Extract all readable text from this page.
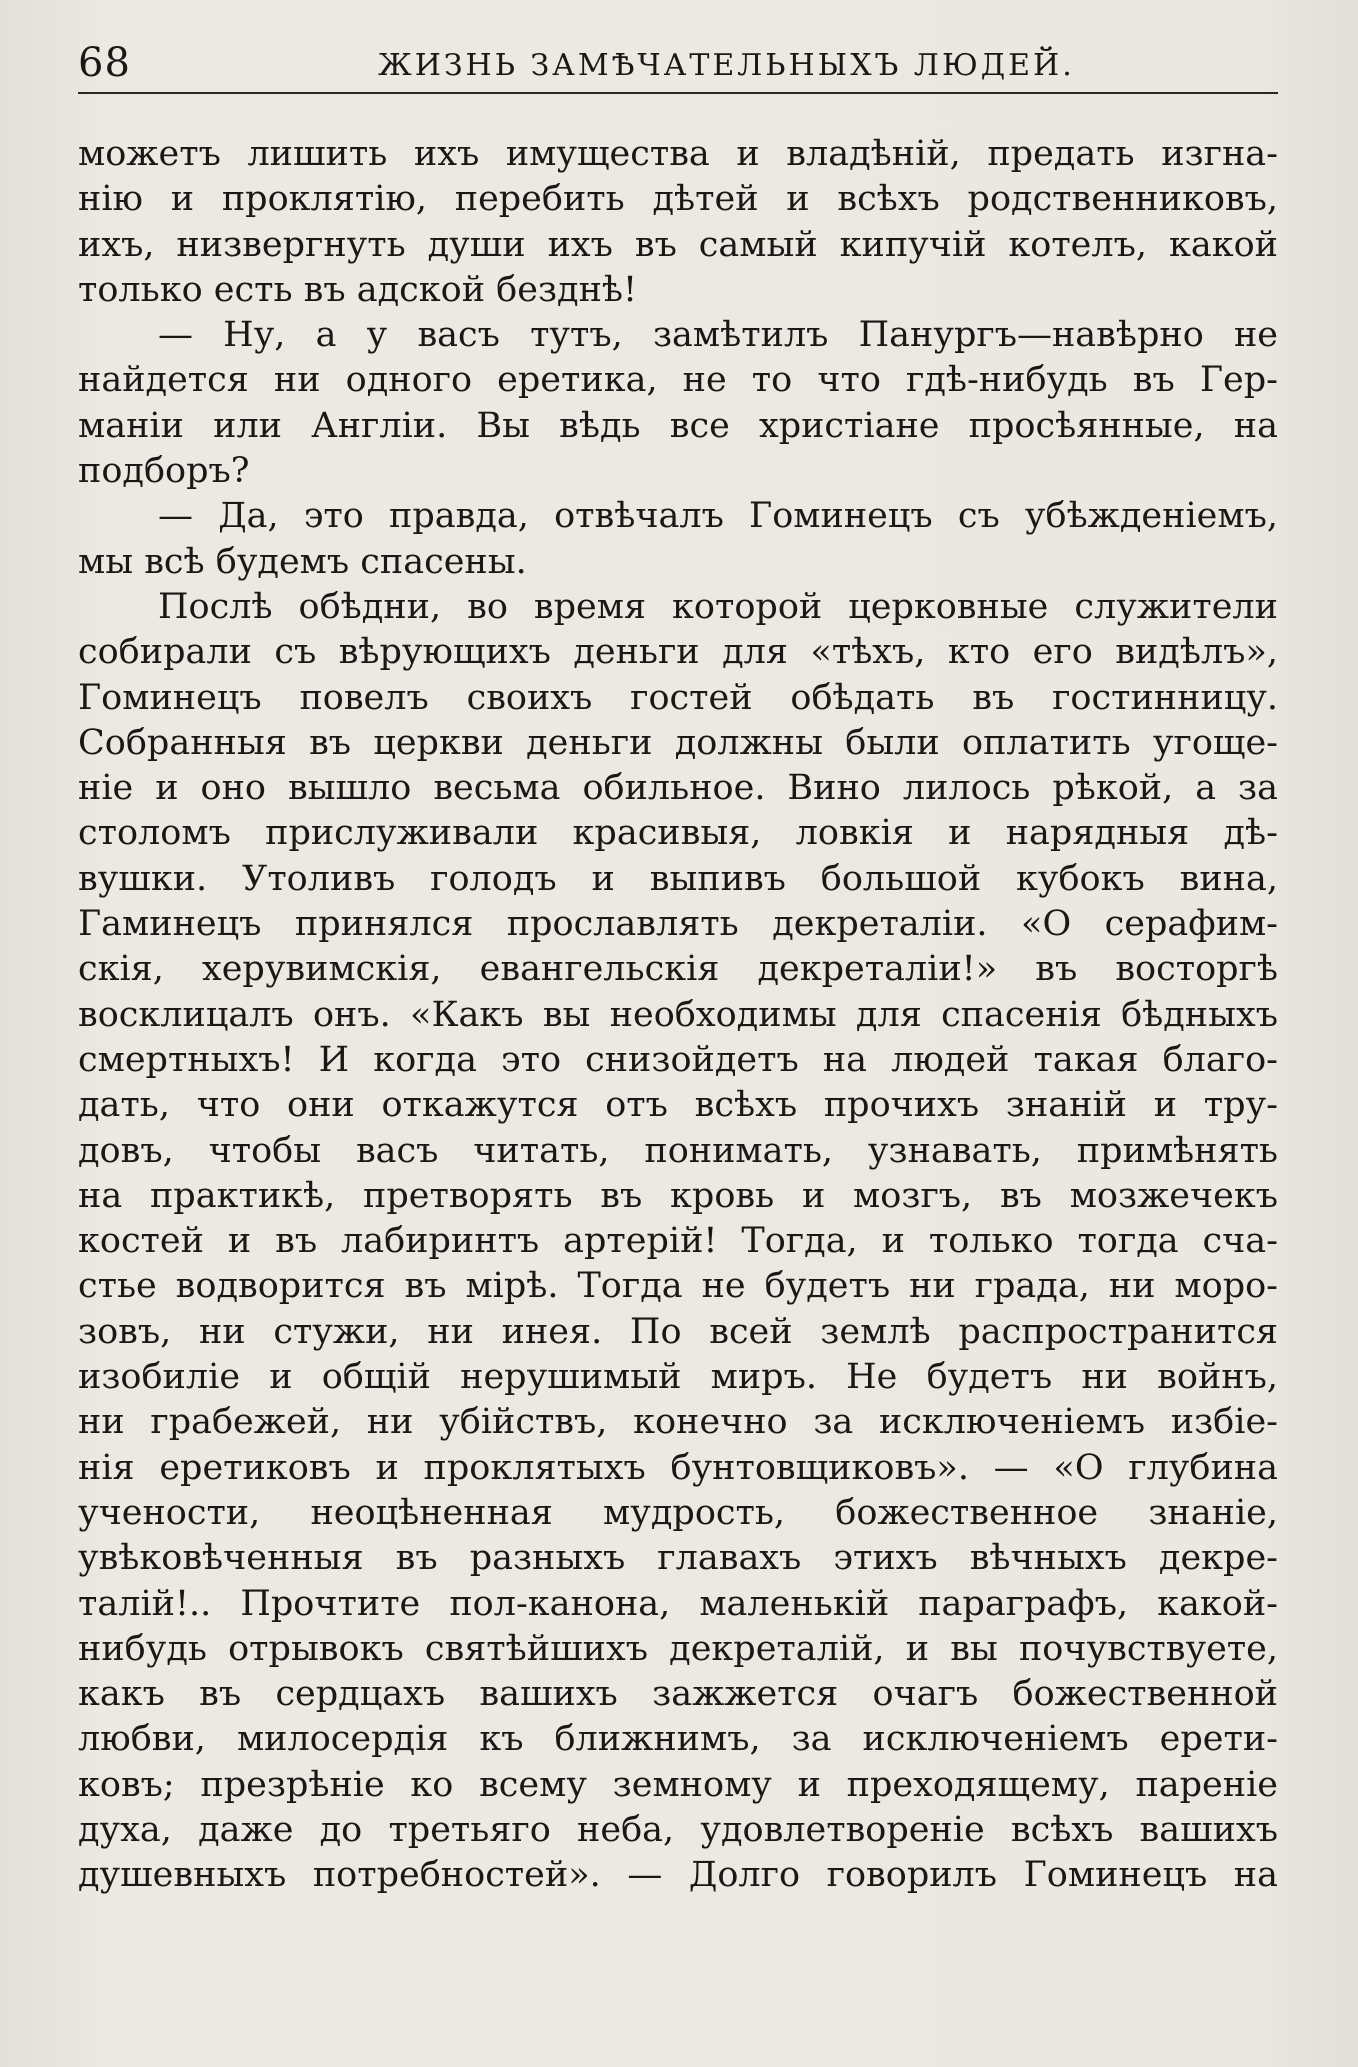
68	ЖИЗНЬ ЗАМѢЧАТЕЛЬНЫХЪ ЛЮДЕЙ.
можетъ лишить ихъ имущества и владѣній, предать изгна-
нію и проклятію, перебить дѣтей и всѣхъ родственниковъ,
ихъ, низвергнуть души ихъ въ самый кипучій котелъ, какой
только есть въ адской безднѣ!
— Ну, а у васъ тутъ, замѣтилъ Панургъ—навѣрно не
найдется ни одного еретика, не то что гдѣ-нибудь въ Гер-
маніи или Англіи. Вы вѣдь все христіане просѣянные, на
подборъ?
— Да, это правда, отвѣчалъ Гоминецъ съ убѣжденіемъ,
мы всѣ будемъ спасены.
Послѣ обѣдни, во время которой церковные служители
собирали съ вѣрующихъ деньги для «тѣхъ, кто его видѣлъ»,
Гоминецъ повелъ своихъ гостей обѣдать въ гостинницу.
Собранныя въ церкви деньги должны были оплатить угоще-
ніе и оно вышло весьма обильное. Вино лилось рѣкой, а за
столомъ прислуживали красивыя, ловкія и нарядныя дѣ-
вушки. Утоливъ голодъ и выпивъ большой кубокъ вина,
Гаминецъ принялся прославлять декреталіи. «О серафим-
скія, херувимскія, евангельскія декреталіи!» въ восторгѣ
восклицалъ онъ. «Какъ вы необходимы для спасенія бѣдныхъ
смертныхъ! И когда это снизойдетъ на людей такая благо-
дать, что они откажутся отъ всѣхъ прочихъ знаній и тру-
довъ, чтобы васъ читать, понимать, узнавать, примѣнять
на практикѣ, претворять въ кровь и мозгъ, въ мозжечекъ
костей и въ лабиринтъ артерій! Тогда, и только тогда сча-
стье водворится въ мірѣ. Тогда не будетъ ни града, ни моро-
зовъ, ни стужи, ни инея. По всей землѣ распространится
изобиліе и общій нерушимый миръ. Не будетъ ни войнъ,
ни грабежей, ни убійствъ, конечно за исключеніемъ избіе-
нія еретиковъ и проклятыхъ бунтовщиковъ». — «О глубина
учености, неоцѣненная мудрость, божественное знаніе,
увѣковѣченныя въ разныхъ главахъ этихъ вѣчныхъ декре-
талій!.. Прочтите пол-канона, маленькій параграфъ, какой-
нибудь отрывокъ святѣйшихъ декреталій, и вы почувствуете,
какъ въ сердцахъ вашихъ зажжется очагъ божественной
любви, милосердія къ ближнимъ, за исключеніемъ ерети-
ковъ; презрѣніе ко всему земному и преходящему, пареніе
духа, даже до третьяго неба, удовлетвореніе всѣхъ вашихъ
душевныхъ потребностей». — Долго говорилъ Гоминецъ на
